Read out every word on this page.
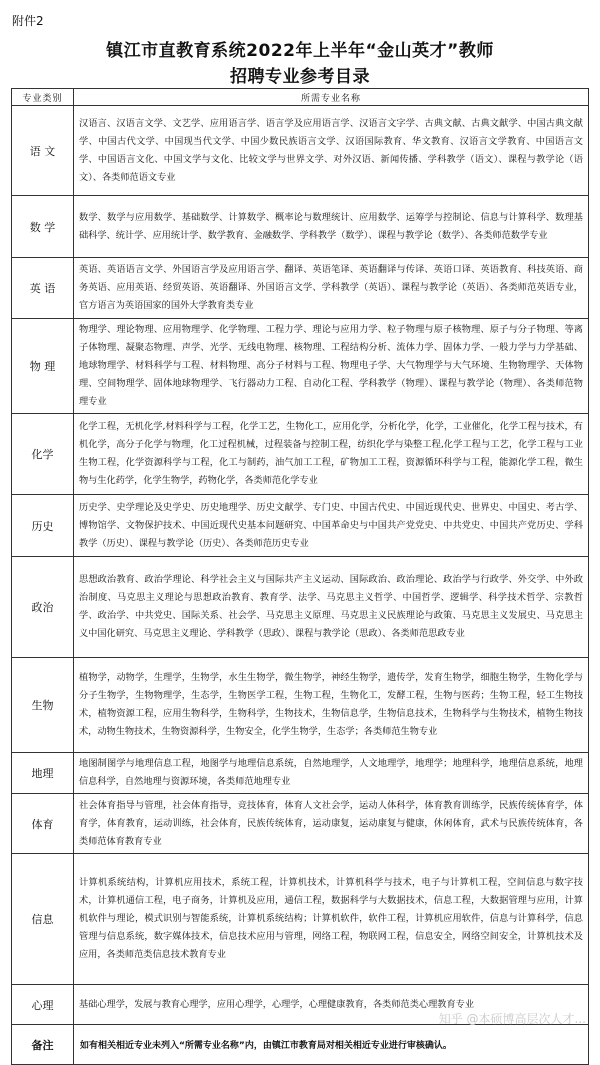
附件2
镇江市直教育系统2022年上半年“金山英才”教师
招聘专业参考目录
专业类别	所需专业名称
语 文	汉语言、汉语言文学、文艺学、应用语言学、语言学及应用语言学、汉语言文字学、古典文献、古典文献学、中国古典文献学、中国古代文学、中国现当代文学、中国少数民族语言文学、汉语国际教育、华文教育、汉语言文学教育、中国语言文学、中国语言文化、中国文学与文化、比较文学与世界文学、对外汉语、新闻传播、学科教学（语文）、课程与教学论（语文）、各类师范语文专业
数 学	数学、数学与应用数学、基础数学、计算数学、概率论与数理统计、应用数学、运筹学与控制论、信息与计算科学、数理基础科学、统计学、应用统计学、数学教育、金融数学、学科教学（数学）、课程与教学论（数学）、各类师范数学专业
英 语	英语、英语语言文学、外国语言学及应用语言学、翻译、英语笔译、英语翻译与传译、英语口译、英语教育、科技英语、商务英语、应用英语、经贸英语、英语翻译、外国语言文学、学科教学（英语）、课程与教学论（英语）、各类师范英语专业，官方语言为英语国家的国外大学教育类专业
物 理	物理学、理论物理、应用物理学、化学物理、工程力学、理论与应用力学、粒子物理与原子核物理、原子与分子物理、等离子体物理、凝聚态物理、声学、光学、无线电物理、核物理、工程结构分析、流体力学、固体力学、一般力学与力学基础、地球物理学、材料科学与工程、材料物理、高分子材料与工程、物理电子学、大气物理学与大气环境、生物物理学、天体物理、空间物理学、固体地球物理学、飞行器动力工程、自动化工程、学科教学（物理）、课程与教学论（物理）、各类师范物理专业
化学	化学工程，无机化学,材料科学与工程，化学工艺，生物化工，应用化学，分析化学，化学，工业催化，化学工程与技术，有机化学，高分子化学与物理，化工过程机械，过程装备与控制工程，纺织化学与染整工程,化学工程与工艺，化学工程与工业生物工程，化学资源科学与工程，化工与制药，油气加工工程，矿物加工工程，资源循环科学与工程，能源化学工程，微生物与生化药学，化学生物学，药物化学，各类师范化学专业
历史	历史学、史学理论及史学史、历史地理学、历史文献学、专门史、中国古代史、中国近现代史、世界史、中国史、考古学、博物馆学、文物保护技术、中国近现代史基本问题研究、中国革命史与中国共产党党史、中共党史、中国共产党历史、学科教学（历史）、课程与教学论（历史）、各类师范历史专业
政治	思想政治教育、政治学理论、科学社会主义与国际共产主义运动、国际政治、政治理论、政治学与行政学、外交学、中外政治制度、马克思主义理论与思想政治教育、教育学、法学、马克思主义哲学、中国哲学、逻辑学、科学技术哲学、宗教哲学、政治学、中共党史、国际关系、社会学、马克思主义原理、马克思主义民族理论与政策、马克思主义发展史、马克思主义中国化研究、马克思主义理论、学科教学（思政）、课程与教学论（思政）、各类师范思政专业
生物	植物学，动物学，生理学，生物学，水生生物学，微生物学，神经生物学，遗传学，发育生物学，细胞生物学，生物化学与分子生物学，生物物理学，生态学，生物医学工程，生物工程，生物化工，发酵工程，生物与医药；生物工程，轻工生物技术，植物资源工程，应用生物科学，生物科学，生物技术，生物信息学，生物信息技术，生物科学与生物技术，植物生物技术，动物生物技术，生物资源科学，生物安全，化学生物学，生态学；各类师范生物专业
地理	地图制图学与地理信息工程，地图学与地理信息系统，自然地理学，人文地理学，地理学；地理科学，地理信息系统，地理信息科学，自然地理与资源环境，各类师范地理专业
体育	社会体育指导与管理，社会体育指导，竞技体育，体育人文社会学，运动人体科学，体育教育训练学，民族传统体育学，体育学，体育教育，运动训练，社会体育，民族传统体育，运动康复，运动康复与健康，休闲体育，武术与民族传统体育，各类师范体育教育专业
信息	计算机系统结构，计算机应用技术，系统工程，计算机技术，计算机科学与技术，电子与计算机工程，空间信息与数字技术，计算机通信工程，电子商务，计算机及应用，通信工程，数据科学与大数据技术，信息工程，大数据管理与应用，计算机软件与理论，模式识别与智能系统，计算机系统结构；计算机软件，软件工程，计算机应用软件，信息与计算科学，信息管理与信息系统，数字媒体技术，信息技术应用与管理，网络工程，物联网工程，信息安全，网络空间安全，计算机技术及应用，各类师范类信息技术教育专业
心理	基础心理学，发展与教育心理学，应用心理学，心理学，心理健康教育，各类师范类心理教育专业
备注	如有相关相近专业未列入“所需专业名称”内，由镇江市教育局对相关相近专业进行审核确认。
知乎 @本硕博高层次人才...
